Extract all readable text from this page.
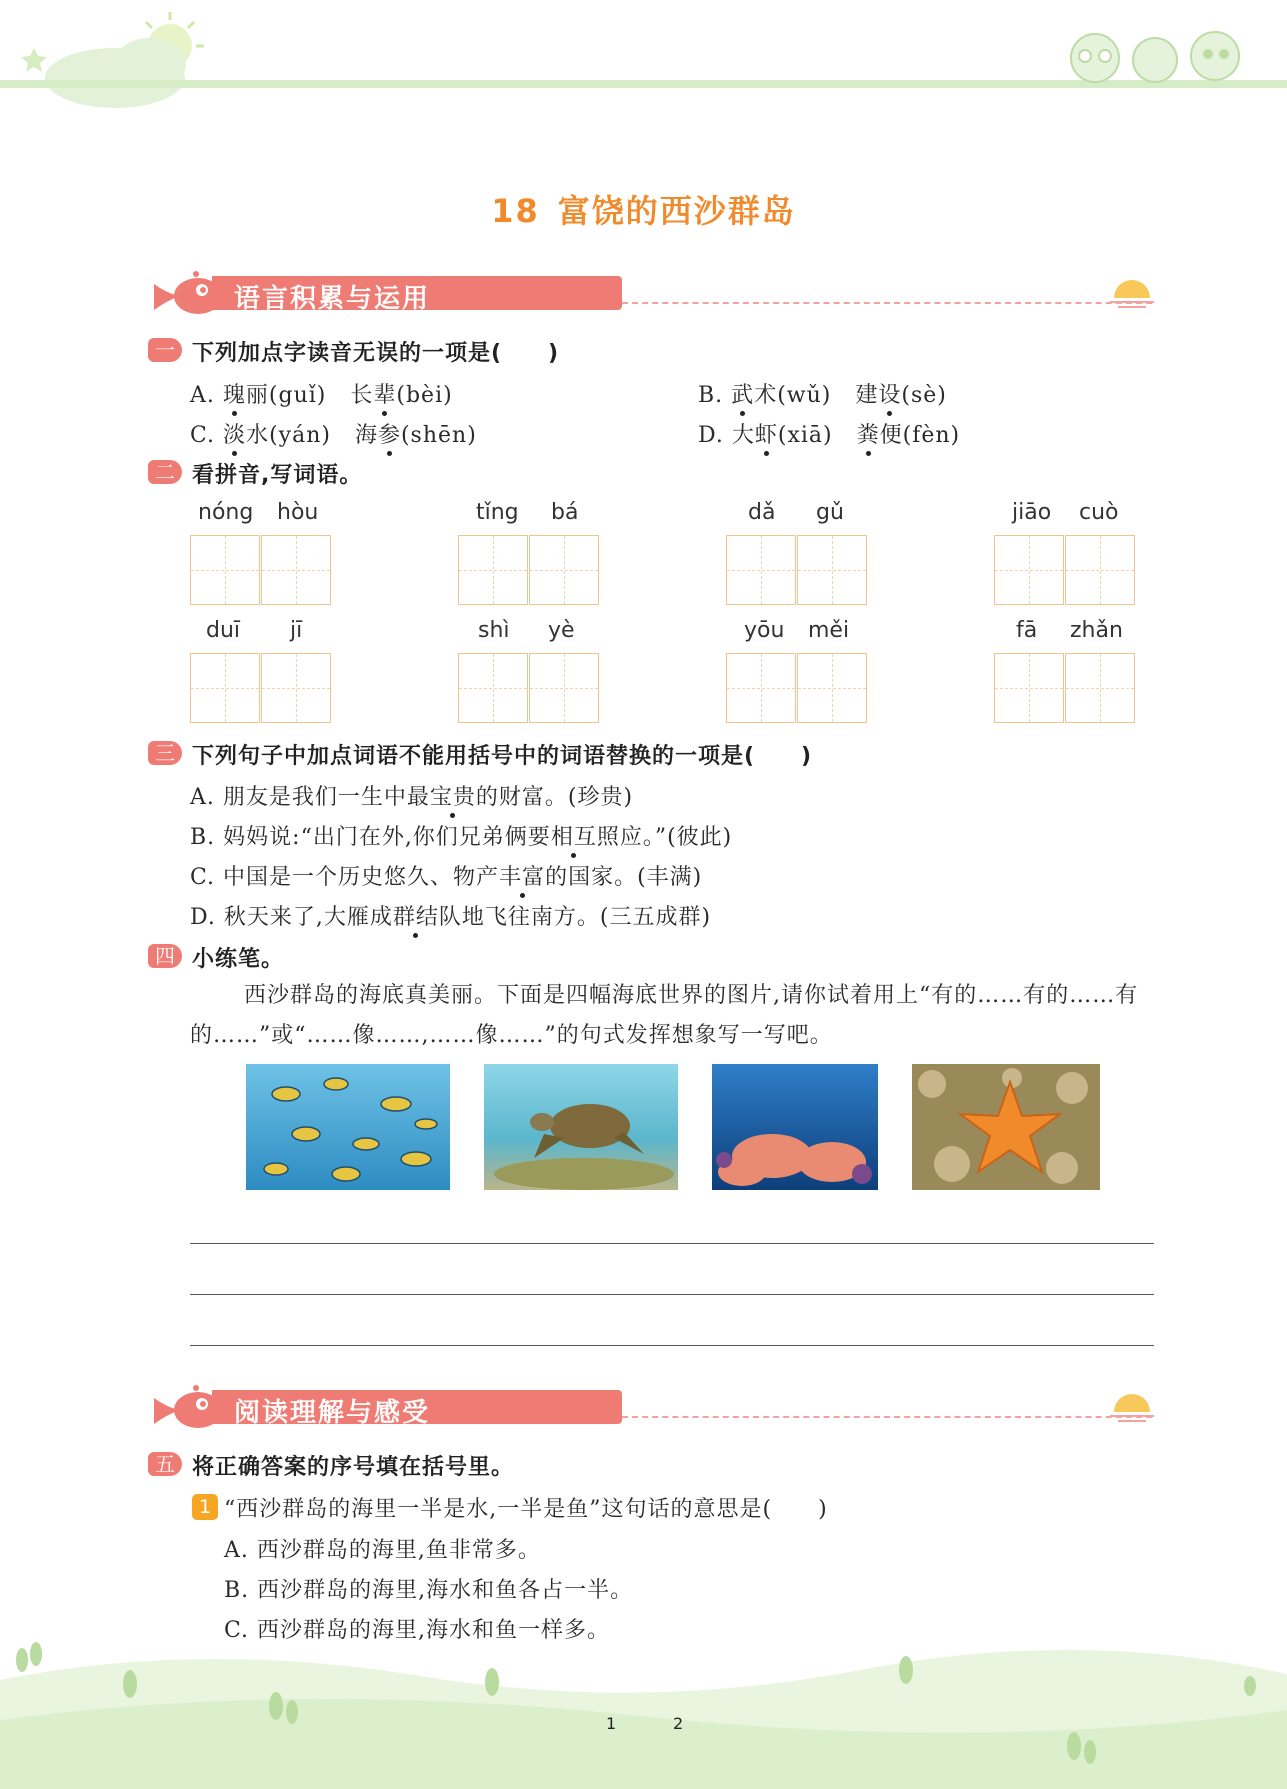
18 富饶的西沙群岛
语言积累与运用
一 下列加点字读音无误的一项是(　　)
A. 瑰丽(guǐ) 长辈(bèi)	B. 武术(wǔ) 建设(sè)
C. 淡水(yán) 海参(shēn)	D. 大虾(xiā) 粪便(fèn)
二 看拼音,写词语。
nóng hòu	tǐng bá	dǎ gǔ	jiāo cuò
duī jī	shì yè	yōu měi	fā zhǎn
三 下列句子中加点词语不能用括号中的词语替换的一项是(　　)
A. 朋友是我们一生中最宝贵的财富。(珍贵)
B. 妈妈说:“出门在外,你们兄弟俩要相互照应。”(彼此)
C. 中国是一个历史悠久、物产丰富的国家。(丰满)
D. 秋天来了,大雁成群结队地飞往南方。(三五成群)
四 小练笔。
西沙群岛的海底真美丽。下面是四幅海底世界的图片,请你试着用上“有的……有的……有的……”或“……像……,……像……”的句式发挥想象写一写吧。
阅读理解与感受
五 将正确答案的序号填在括号里。
1 “西沙群岛的海里一半是水,一半是鱼”这句话的意思是(　　)
A. 西沙群岛的海里,鱼非常多。
B. 西沙群岛的海里,海水和鱼各占一半。
C. 西沙群岛的海里,海水和鱼一样多。
1	2
